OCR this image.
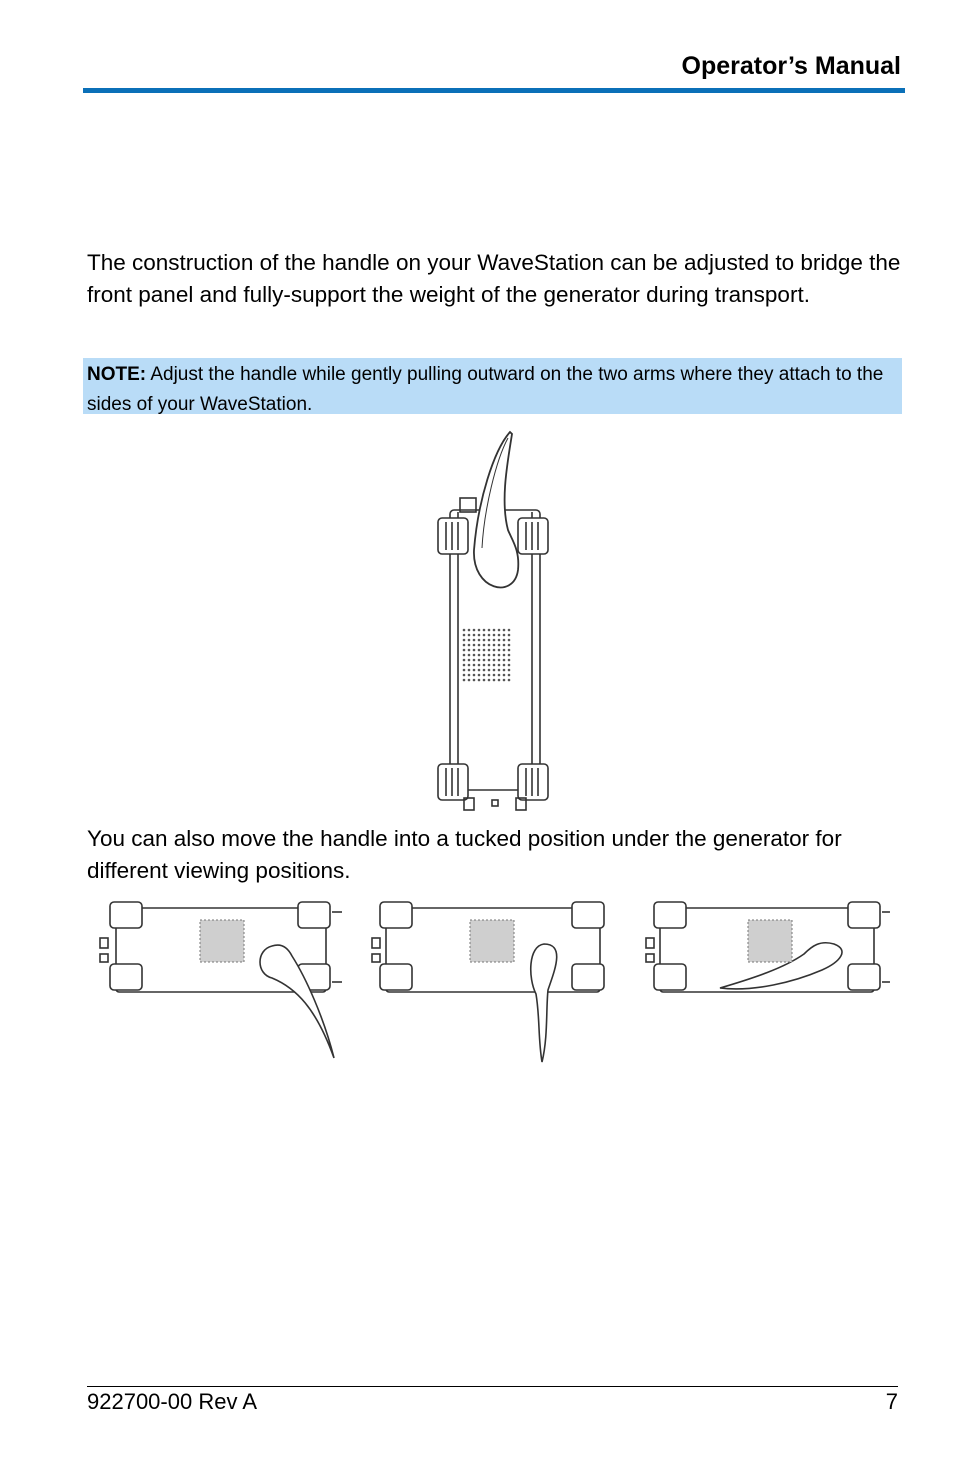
Operator’s Manual
The construction of the handle on your WaveStation can be adjusted to bridge the front panel and fully-support the weight of the generator during transport.
NOTE: Adjust the handle while gently pulling outward on the two arms where they attach to the sides of your WaveStation.
You can also move the handle into a tucked position under the generator for different viewing positions.
922700-00 Rev A	7
